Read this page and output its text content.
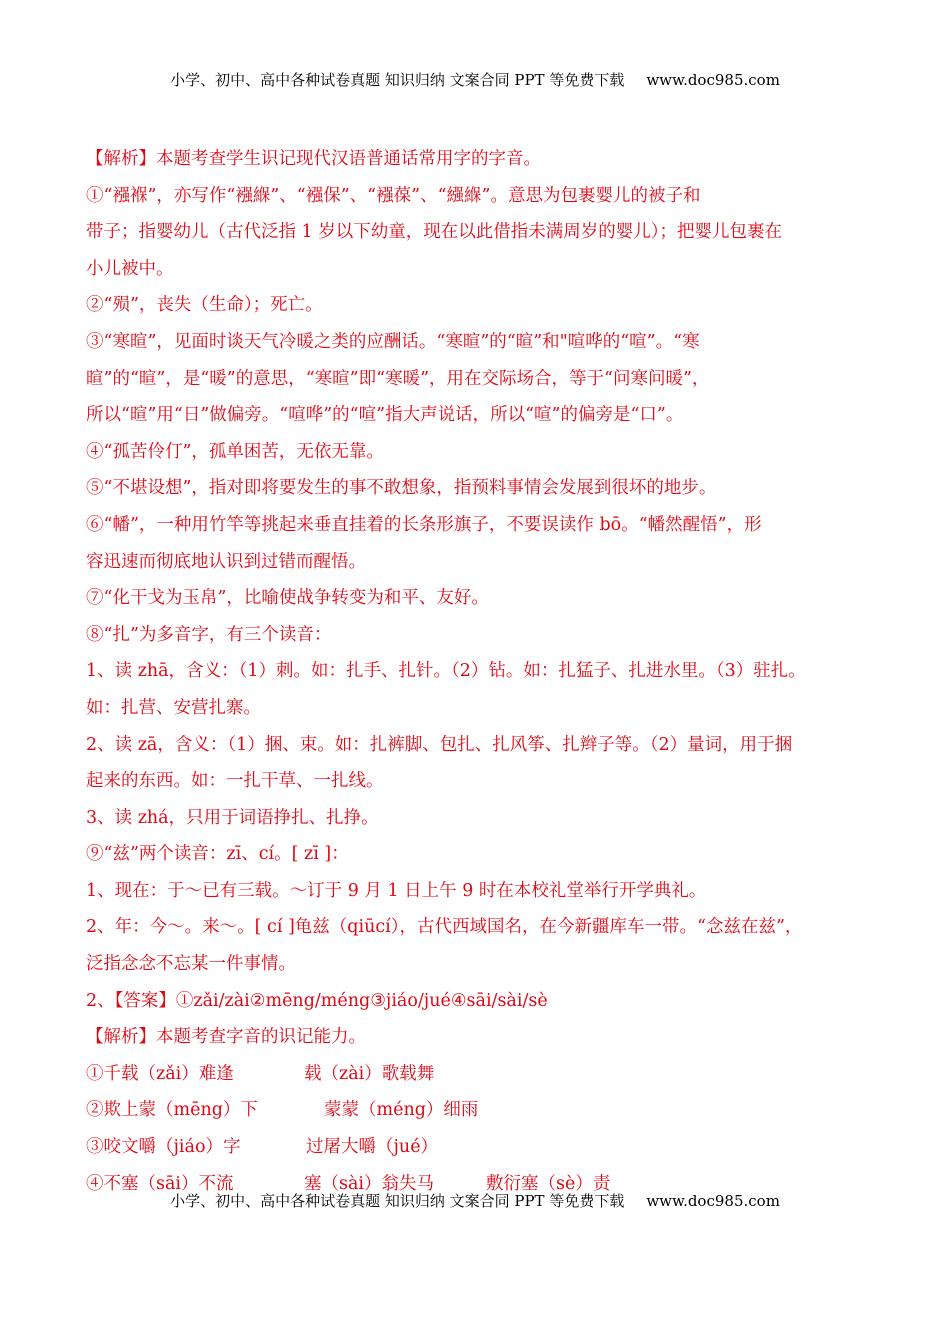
小学、初中、高中各种试卷真题 知识归纳 文案合同 PPT 等免费下载 www.doc985.com
【解析】本题考查学生识记现代汉语普通话常用字的字音。
①“襁褓”，亦写作“襁緥”、“襁保”、“襁葆”、“繦緥”。意思为包裹婴儿的被子和
带子；指婴幼儿（古代泛指 1 岁以下幼童，现在以此借指未满周岁的婴儿）；把婴儿包裹在
小儿被中。
②“殒”，丧失（生命）；死亡。
③“寒暄”，见面时谈天气冷暖之类的应酬话。“寒暄”的“暄”和"喧哗的“喧”。“寒
暄”的“暄”，是“暖”的意思，“寒暄”即“寒暖”，用在交际场合，等于“问寒问暖”，
所以“暄”用“日”做偏旁。“喧哗”的“喧”指大声说话，所以“喧”的偏旁是“口”。
④“孤苦伶仃”，孤单困苦，无依无靠。
⑤“不堪设想”，指对即将要发生的事不敢想象，指预料事情会发展到很坏的地步。
⑥“幡”，一种用竹竿等挑起来垂直挂着的长条形旗子，不要误读作 bō。“幡然醒悟”，形
容迅速而彻底地认识到过错而醒悟。
⑦“化干戈为玉帛”，比喻使战争转变为和平、友好。
⑧“扎”为多音字，有三个读音：
1、读 zhā，含义：（1）刺。如：扎手、扎针。（2）钻。如：扎猛子、扎进水里。（3）驻扎。
如：扎营、安营扎寨。
2、读 zā，含义：（1）捆、束。如：扎裤脚、包扎、扎风筝、扎辫子等。（2）量词，用于捆
起来的东西。如：一扎干草、一扎线。
3、读 zhá，只用于词语挣扎、扎挣。
⑨“兹”两个读音：zī、cí。[ zī ]：
1、现在：于～已有三载。～订于 9 月 1 日上午 9 时在本校礼堂举行开学典礼。
2、年：今～。来～。[ cí ]龟兹（qiūcí），古代西域国名，在今新疆库车一带。“念兹在兹”，
泛指念念不忘某一件事情。
2、【答案】①zǎi/zài②mēng/méng③jiáo/jué④sāi/sài/sè
【解析】本题考查字音的识记能力。
①千载（zǎi）难逢	载（zài）歌载舞
②欺上蒙（mēng）下	蒙蒙（méng）细雨
③咬文嚼（jiáo）字	过屠大嚼（jué）
④不塞（sāi）不流	塞（sài）翁失马	敷衍塞（sè）责
小学、初中、高中各种试卷真题 知识归纳 文案合同 PPT 等免费下载 www.doc985.com
